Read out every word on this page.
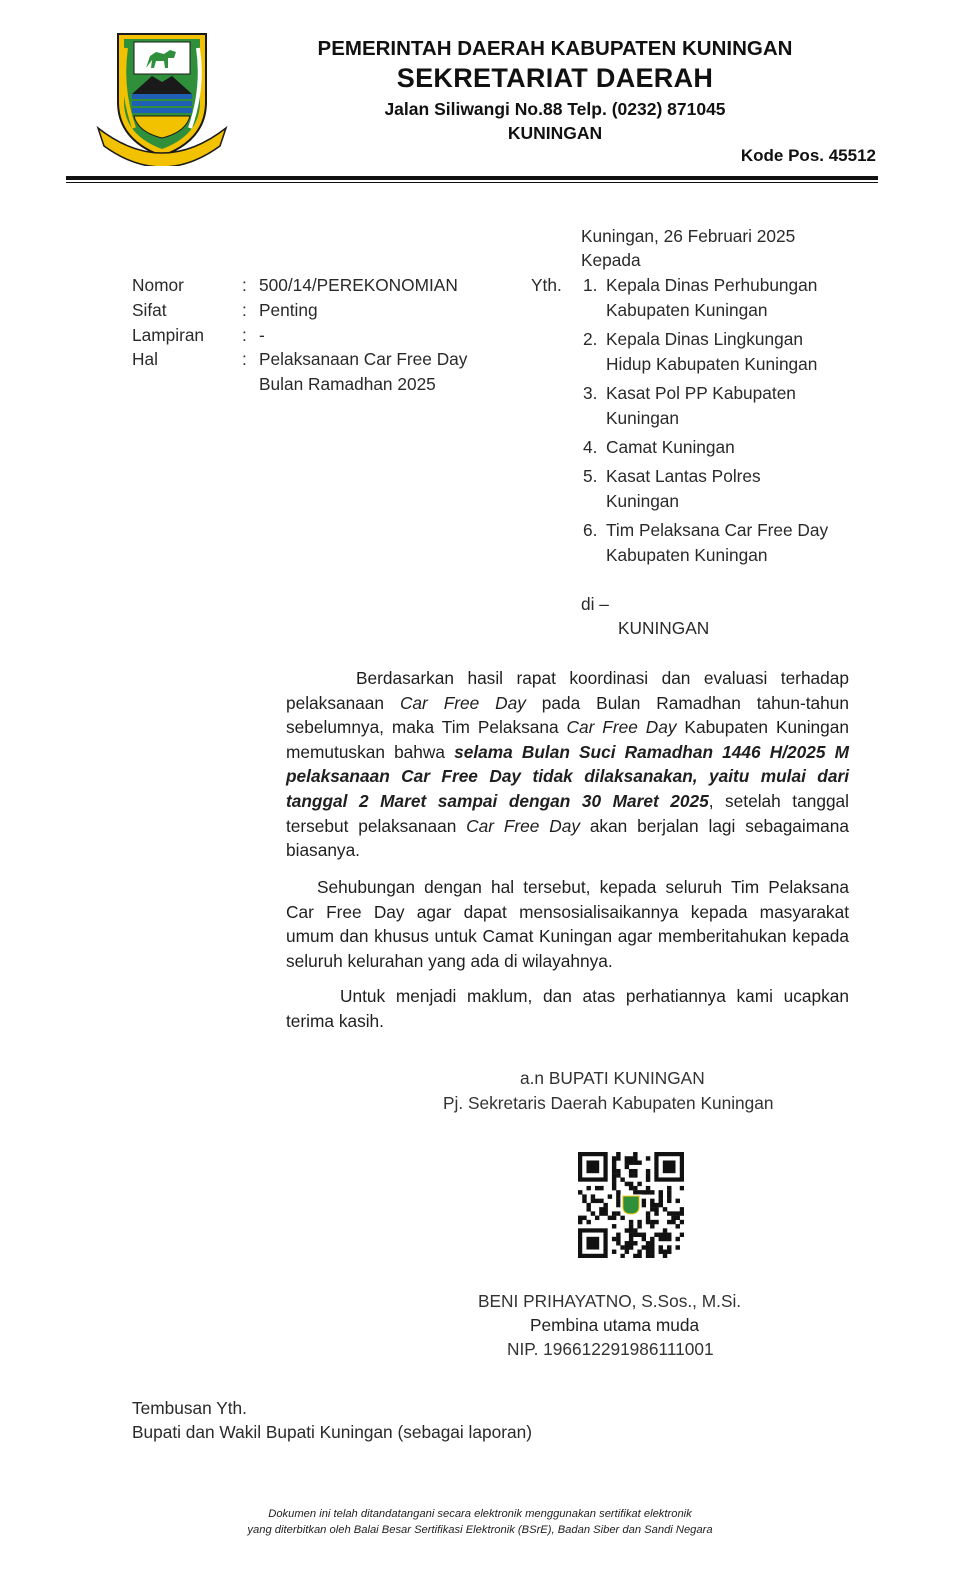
PEMERINTAH DAERAH KABUPATEN KUNINGAN
SEKRETARIAT DAERAH
Jalan Siliwangi No.88 Telp. (0232) 871045
KUNINGAN
Kode Pos. 45512
Kuningan, 26 Februari 2025
Kepada
Nomor	: 500/14/PEREKONOMIAN
Sifat	: Penting
Lampiran : -
Hal	: Pelaksanaan Car Free Day
Bulan Ramadhan 2025
Yth. 1. Kepala Dinas Perhubungan
Kabupaten Kuningan
2. Kepala Dinas Lingkungan
Hidup Kabupaten Kuningan
3. Kasat Pol PP Kabupaten
Kuningan
4. Camat Kuningan
5. Kasat Lantas Polres
Kuningan
6. Tim Pelaksana Car Free Day
Kabupaten Kuningan
di –
KUNINGAN
Berdasarkan hasil rapat koordinasi dan evaluasi terhadap pelaksanaan Car Free Day pada Bulan Ramadhan tahun-tahun sebelumnya, maka Tim Pelaksana Car Free Day Kabupaten Kuningan memutuskan bahwa selama Bulan Suci Ramadhan 1446 H/2025 M pelaksanaan Car Free Day tidak dilaksanakan, yaitu mulai dari tanggal 2 Maret sampai dengan 30 Maret 2025, setelah tanggal tersebut pelaksanaan Car Free Day akan berjalan lagi sebagaimana biasanya.
Sehubungan dengan hal tersebut, kepada seluruh Tim Pelaksana Car Free Day agar dapat mensosialisaikannya kepada masyarakat umum dan khusus untuk Camat Kuningan agar memberitahukan kepada seluruh kelurahan yang ada di wilayahnya.
Untuk menjadi maklum, dan atas perhatiannya kami ucapkan terima kasih.
a.n BUPATI KUNINGAN
Pj. Sekretaris Daerah Kabupaten Kuningan
BENI PRIHAYATNO, S.Sos., M.Si.
Pembina utama muda
NIP. 196612291986111001
Tembusan Yth.
Bupati dan Wakil Bupati Kuningan (sebagai laporan)
Dokumen ini telah ditandatangani secara elektronik menggunakan sertifikat elektronik
yang diterbitkan oleh Balai Besar Sertifikasi Elektronik (BSrE), Badan Siber dan Sandi Negara
